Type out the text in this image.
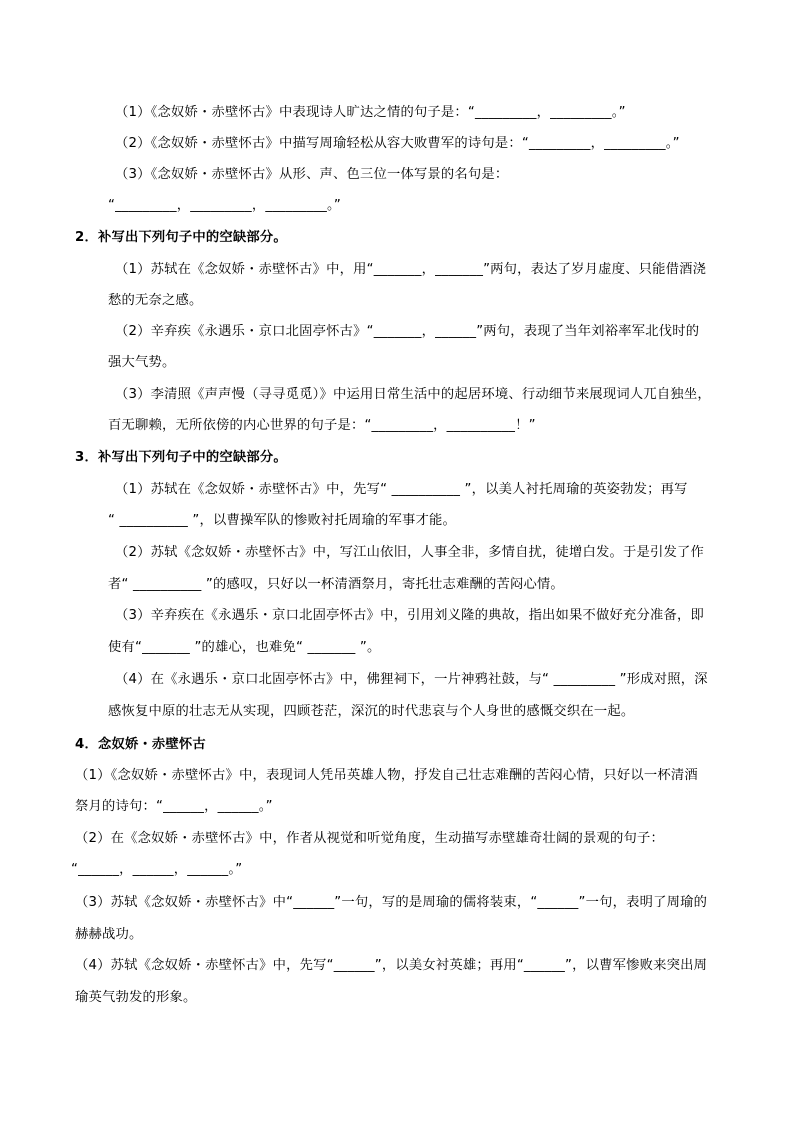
（1）《念奴娇・赤壁怀古》中表现诗人旷达之情的句子是：“_________，_________。”
（2）《念奴娇・赤壁怀古》中描写周瑜轻松从容大败曹军的诗句是：“_________，_________。”
（3）《念奴娇・赤壁怀古》从形、声、色三位一体写景的名句是：
“_________，_________，_________。”
2．补写出下列句子中的空缺部分。
（1）苏轼在《念奴娇・赤壁怀古》中，用“_______，_______”两句，表达了岁月虚度、只能借酒浇
愁的无奈之感。
（2）辛弃疾《永遇乐・京口北固亭怀古》“_______，______”两句，表现了当年刘裕率军北伐时的
强大气势。
（3）李清照《声声慢（寻寻觅觅）》中运用日常生活中的起居环境、行动细节来展现词人兀自独坐，
百无聊赖，无所依傍的内心世界的句子是：“_________，__________！”
3．补写出下列句子中的空缺部分。
（1）苏轼在《念奴娇・赤壁怀古》中，先写“ __________ ”，以美人衬托周瑜的英姿勃发；再写
“ __________ ”，以曹操军队的惨败衬托周瑜的军事才能。
（2）苏轼《念奴娇・赤壁怀古》中，写江山依旧，人事全非，多情自扰，徒增白发。于是引发了作
者“ __________ ”的感叹，只好以一杯清酒祭月，寄托壮志难酬的苦闷心情。
（3）辛弃疾在《永遇乐・京口北固亭怀古》中，引用刘义隆的典故，指出如果不做好充分准备，即
使有“_______ ”的雄心，也难免“ _______ ”。
（4）在《永遇乐・京口北固亭怀古》中，佛狸祠下，一片神鸦社鼓，与“ _________ ”形成对照，深
感恢复中原的壮志无从实现，四顾苍茫，深沉的时代悲哀与个人身世的感慨交织在一起。
4．念奴娇・赤壁怀古
（1）《念奴娇・赤壁怀古》中，表现词人凭吊英雄人物，抒发自己壮志难酬的苦闷心情，只好以一杯清酒
祭月的诗句：“______，______。”
（2）在《念奴娇・赤壁怀古》中，作者从视觉和听觉角度，生动描写赤壁雄奇壮阔的景观的句子：
“______，______，______。”
（3）苏轼《念奴娇・赤壁怀古》中“______”一句，写的是周瑜的儒将装束，“______”一句，表明了周瑜的
赫赫战功。
（4）苏轼《念奴娇・赤壁怀古》中，先写“______”，以美女衬英雄；再用“______”，以曹军惨败来突出周
瑜英气勃发的形象。
